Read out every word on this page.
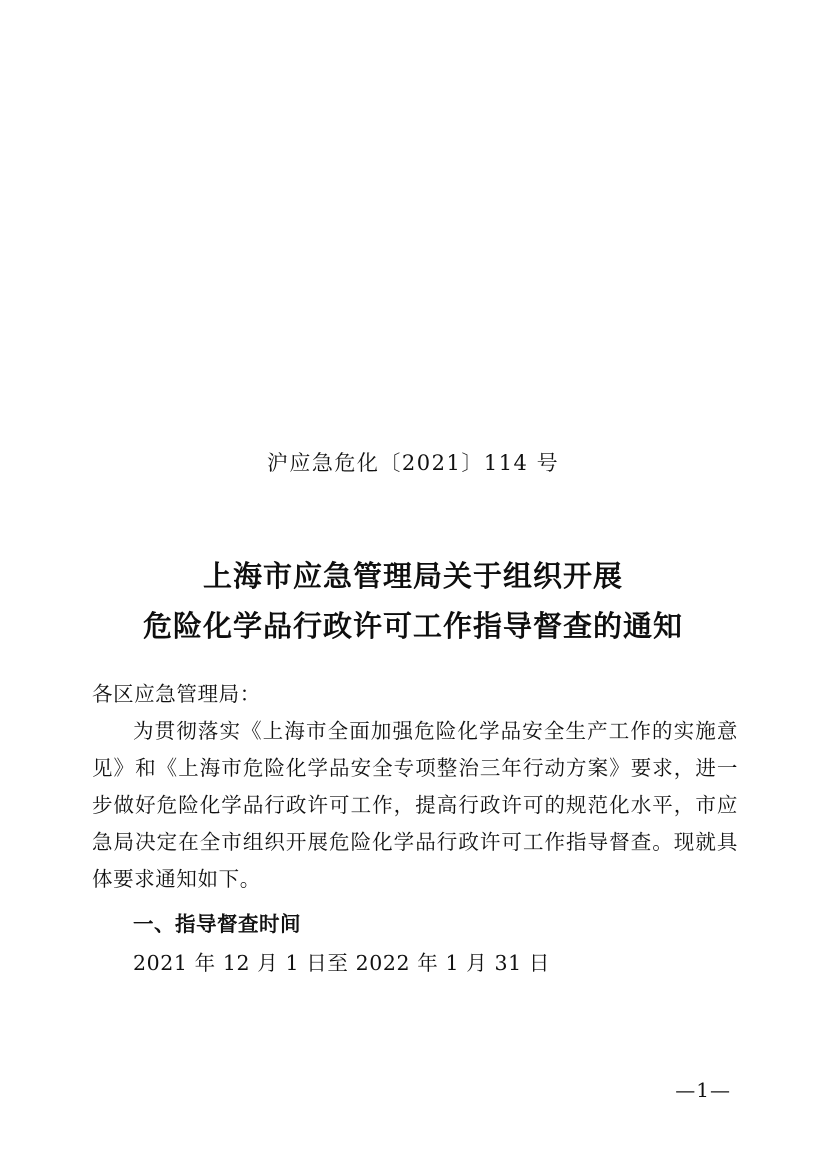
沪应急危化〔2021〕114 号
上海市应急管理局关于组织开展
危险化学品行政许可工作指导督查的通知

各区应急管理局：

为贯彻落实《上海市全面加强危险化学品安全生产工作的实施意见》和《上海市危险化学品安全专项整治三年行动方案》要求，进一步做好危险化学品行政许可工作，提高行政许可的规范化水平，市应急局决定在全市组织开展危险化学品行政许可工作指导督查。现就具体要求通知如下。

一、指导督查时间

2021 年 12 月 1 日至 2022 年 1 月 31 日

—1—
